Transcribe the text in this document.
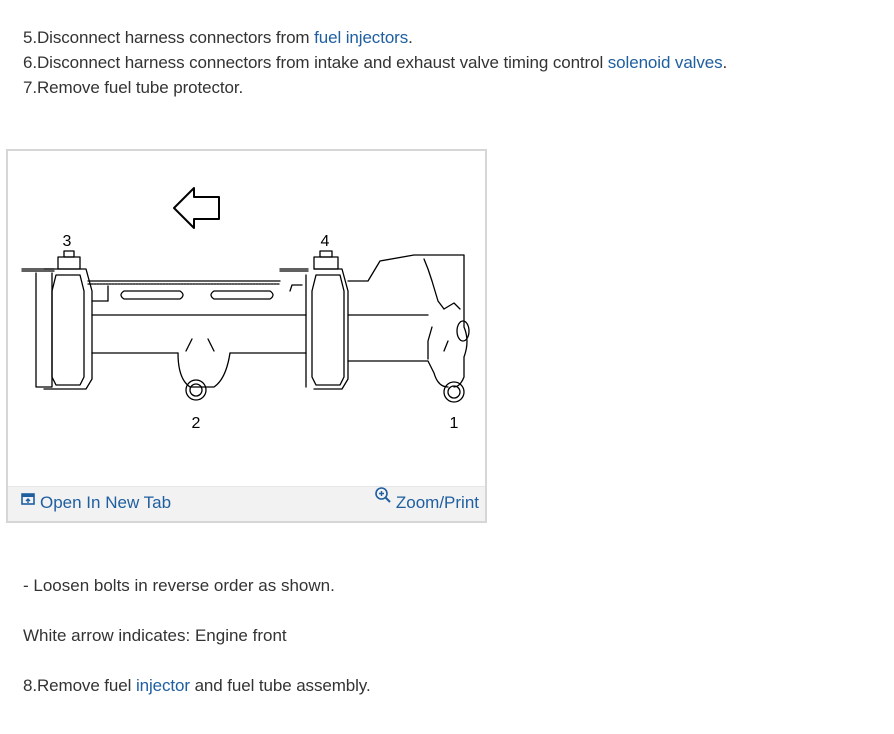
5.Disconnect harness connectors from fuel injectors.
6.Disconnect harness connectors from intake and exhaust valve timing control solenoid valves.
7.Remove fuel tube protector.
3	4
2	1
Open In New Tab	Zoom/Print
- Loosen bolts in reverse order as shown.
White arrow indicates: Engine front
8.Remove fuel injector and fuel tube assembly.
